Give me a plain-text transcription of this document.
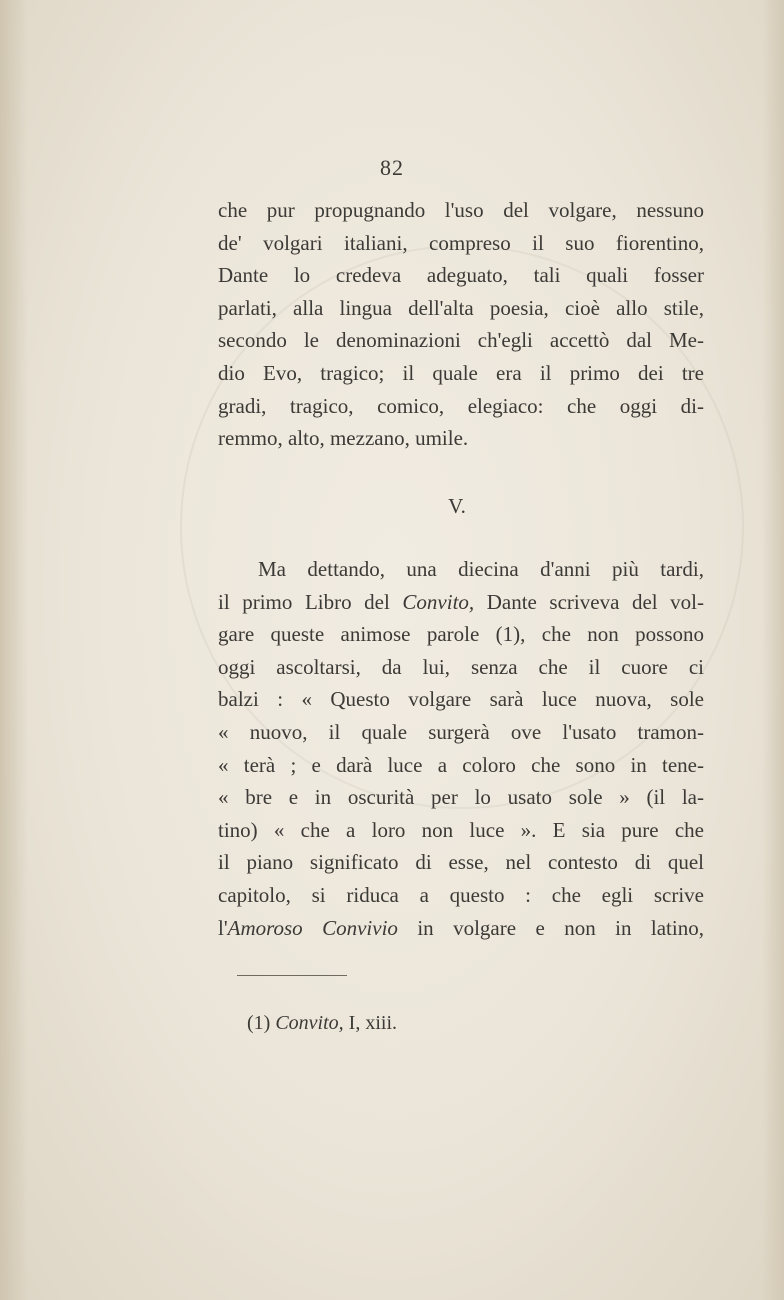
82
che pur propugnando l'uso del volgare, nessuno
de' volgari italiani, compreso il suo fiorentino,
Dante lo credeva adeguato, tali quali fosser
parlati, alla lingua dell'alta poesia, cioè allo stile,
secondo le denominazioni ch'egli accettò dal Me-
dio Evo, tragico; il quale era il primo dei tre
gradi, tragico, comico, elegiaco: che oggi di-
remmo, alto, mezzano, umile.
V.
Ma dettando, una diecina d'anni più tardi,
il primo Libro del Convito, Dante scriveva del vol-
gare queste animose parole (1), che non possono
oggi ascoltarsi, da lui, senza che il cuore ci
balzi : « Questo volgare sarà luce nuova, sole
« nuovo, il quale surgerà ove l'usato tramon-
« terà ; e darà luce a coloro che sono in tene-
« bre e in oscurità per lo usato sole » (il la-
tino) « che a loro non luce ». E sia pure che
il piano significato di esse, nel contesto di quel
capitolo, si riduca a questo : che egli scrive
l'Amoroso Convivio in volgare e non in latino,
(1) Convito, I, xiii.
